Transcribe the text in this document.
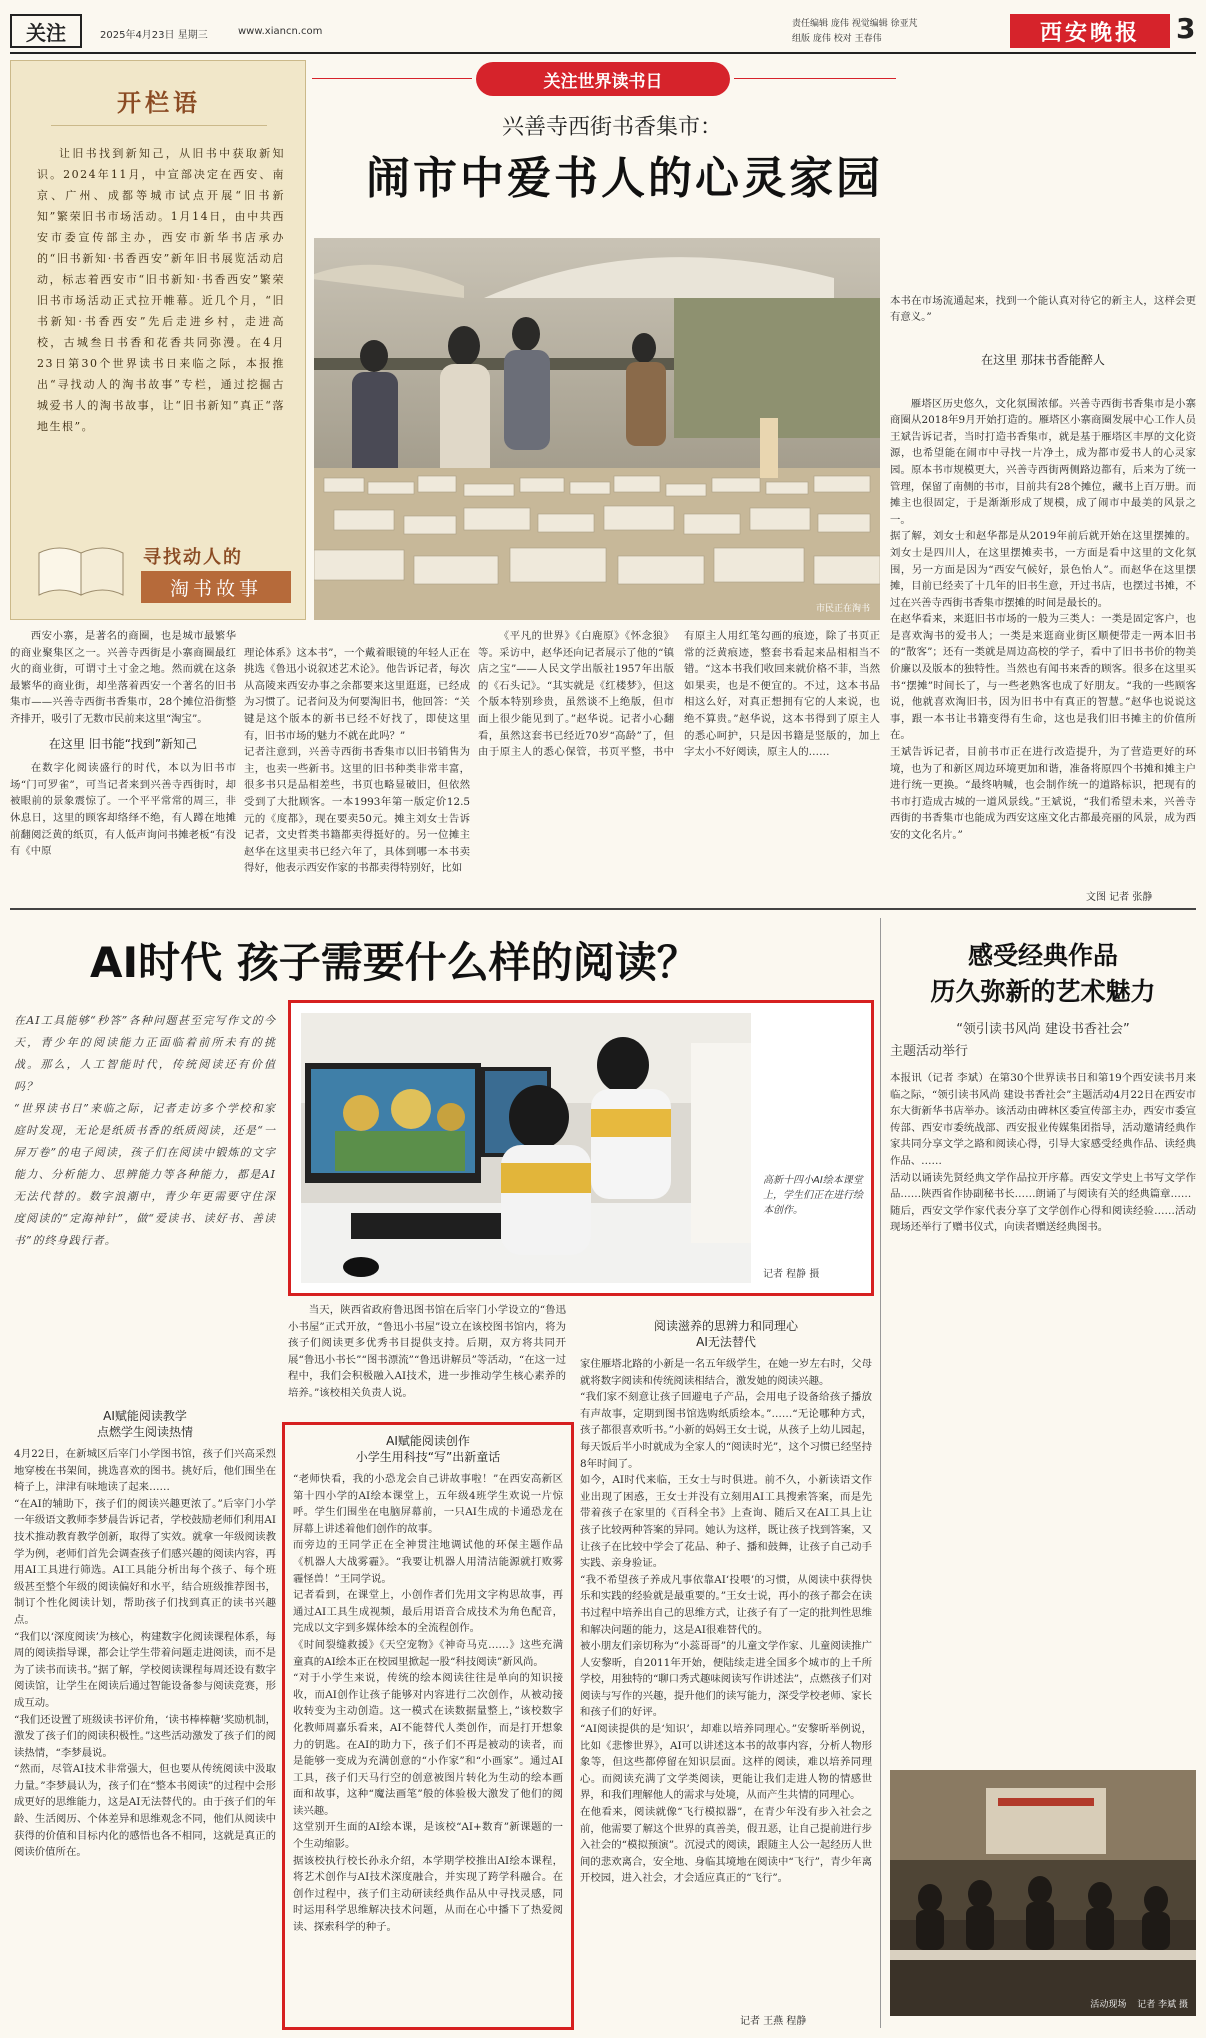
关注	2025年4月23日 星期三	www.xiancn.com
责任编辑 庞伟 视觉编辑 徐亚芃
组版 庞伟 校对 王春伟	西安晚报 3
关注世界读书日
开栏语
让旧书找到新知己，从旧书中获取新知识。2024年11月，中宣部决定在西安、南京、广州、成都等城市试点开展“旧书新知”繁荣旧书市场活动。1月14日，由中共西安市委宣传部主办，西安市新华书店承办的“旧书新知·书香西安”新年旧书展览活动启动，标志着西安市“旧书新知·书香西安”繁荣旧书市场活动正式拉开帷幕。近几个月，“旧书新知·书香西安”先后走进乡村，走进高校，古城叁日书香和花香共同弥漫。在4月23日第30个世界读书日来临之际，本报推出“寻找动人的淘书故事”专栏，通过挖掘古城爱书人的淘书故事，让“旧书新知”真正“落地生根”。
寻找动人的
淘书故事
兴善寺西街书香集市：
闹市中爱书人的心灵家园
市民正在淘书

西安小寨，是著名的商圈，也是城市最繁华的商业聚集区之一。兴善寺西街是小寨商圈最红火的商业街，可谓寸土寸金之地。然而就在这条最繁华的商业街，却坐落着西安一个著名的旧书集市——兴善寺西街书香集市，28个摊位沿街整齐排开，吸引了无数市民前来这里“淘宝”。

在这里 旧书能“找到”新知己

在数字化阅读盛行的时代，本以为旧书市场“门可罗雀”，可当记者来到兴善寺西街时，却被眼前的景象震惊了。一个平平常常的周三，非休息日，这里的顾客却络绎不绝，有人蹲在地摊前翻阅泛黄的纸页，有人低声询问书摊老板“有没有《中原

理论体系》这本书”，一个戴着眼镜的年轻人正在挑选《鲁迅小说叙述艺术论》。他告诉记者，每次从高陵来西安办事之余都要来这里逛逛，已经成为习惯了。记者问及为何要淘旧书，他回答：“关键是这个版本的新书已经不好找了，即使这里有，旧书市场的魅力不就在此吗？”
记者注意到，兴善寺西街书香集市以旧书销售为主，也卖一些新书。这里的旧书种类非常丰富，很多书只是品相差些，书页也略显破旧，但依然受到了大批顾客。一本1993年第一版定价12.5元的《度都》，现在要卖50元。摊主刘女士告诉记者，文史哲类书籍都卖得挺好的。另一位摊主赵华在这里卖书已经六年了，具体到哪一本书卖得好，他表示西安作家的书都卖得特别好，比如

《平凡的世界》《白鹿原》《怀念狼》等。采访中，赵华还向记者展示了他的“镇店之宝”——人民文学出版社1957年出版的《石头记》。“其实就是《红楼梦》，但这个版本特别珍贵，虽然谈不上绝版，但市面上很少能见到了。”赵华说。记者小心翻看，虽然这套书已经近70岁“高龄”了，但由于原主人的悉心保管，书页平整，书中有原主人用红笔勾画的痕迹，除了书页正常的泛黄痕迹，整套书看起来品相相当不错。“这本书我们收回来就价格不菲，当然如果卖，也是不便宜的。不过，这本书品相这么好，对真正想拥有它的人来说，也绝不算贵。”赵华说，这本书得到了原主人的悉心呵护，只是因书籍是竖版的，加上字太小不好阅读，原主人的……

本书在市场流通起来，找到一个能认真对待它的新主人，这样会更有意义。”

在这里 那抹书香能醉人

雁塔区历史悠久，文化氛围浓郁。兴善寺西街书香集市是小寨商圈从2018年9月开始打造的。雁塔区小寨商圈发展中心工作人员王斌告诉记者，当时打造书香集市，就是基于雁塔区丰厚的文化资源，也希望能在闹市中寻找一片净土，成为都市爱书人的心灵家园。原本书市规模更大，兴善寺西街两侧路边都有，后来为了统一管理，保留了南侧的书市，目前共有28个摊位，藏书上百万册。而摊主也很固定，于是渐渐形成了规模，成了闹市中最美的风景之一。
据了解，刘女士和赵华都是从2019年前后就开始在这里摆摊的。刘女士是四川人，在这里摆摊卖书，一方面是看中这里的文化氛围，另一方面是因为“西安气候好，景色怡人”。而赵华在这里摆摊，目前已经卖了十几年的旧书生意，开过书店，也摆过书摊，不过在兴善寺西街书香集市摆摊的时间是最长的。
在赵华看来，来逛旧书市场的一般为三类人：一类是固定客户，也是喜欢淘书的爱书人；一类是来逛商业街区顺便带走一两本旧书的“散客”；还有一类就是周边高校的学子，看中了旧书书价的物美价廉以及版本的独特性。当然也有闻书来香的顾客。很多在这里买书“摆摊”时间长了，与一些老熟客也成了好朋友。“我的一些顾客说，他就喜欢淘旧书，因为旧书中有真正的智慧。”赵华也说说这事，跟一本书让书籍变得有生命，这也是我们旧书摊主的价值所在。
王斌告诉记者，目前书市正在进行改造提升，为了营造更好的环境，也为了和新区周边环境更加和谐，准备将原四个书摊和摊主户进行统一更换。“最终呐喊，也会制作统一的道路标识，把现有的书市打造成古城的一道风景线。”王斌说，“我们希望未来，兴善寺西街的书香集市也能成为西安这座文化古都最亮丽的风景，成为西安的文化名片。”

文图 记者 张静
AI时代 孩子需要什么样的阅读？
在AI工具能够“秒答”各种问题甚至完写作文的今天，青少年的阅读能力正面临着前所未有的挑战。那么，人工智能时代，传统阅读还有价值吗？
“世界读书日”来临之际，记者走访多个学校和家庭时发现，无论是纸质书香的纸质阅读，还是“一屏万卷”的电子阅读，孩子们在阅读中锻炼的文字能力、分析能力、思辨能力等各种能力，都是AI无法代替的。数字浪潮中，青少年更需要守住深度阅读的“定海神针”，做“爱读书、读好书、善读书”的终身践行者。
高新十四小AI绘本课堂上，学生们正在进行绘本创作。
记者 程静 摄
AI赋能阅读教学
点燃学生阅读热情
4月22日，在新城区后宰门小学图书馆，孩子们兴高采烈地穿梭在书架间，挑选喜欢的图书。挑好后，他们围坐在椅子上，津津有味地读了起来……
“在AI的辅助下，孩子们的阅读兴趣更浓了。”后宰门小学一年级语文教师李梦晨告诉记者，学校鼓励老师们利用AI技术推动教育教学创新，取得了实效。就拿一年级阅读教学为例，老师们首先会调查孩子们感兴趣的阅读内容，再用AI工具进行筛选。AI工具能分析出每个孩子、每个班级甚至整个年级的阅读偏好和水平，结合班级推荐图书，制订个性化阅读计划，帮助孩子们找到真正的读书兴趣点。
“我们以‘深度阅读’为核心，构建数字化阅读课程体系，每周的阅读指导课，都会让学生带着问题走进阅读，而不是为了读书而读书。”据了解，学校阅读课程每周还设有数字阅读馆，让学生在阅读后通过智能设备参与阅读竞赛，形成互动。
“我们还设置了班级读书评价角，‘读书棒棒糖’奖励机制，激发了孩子们的阅读积极性。”这些活动激发了孩子们的阅读热情，“李梦晨说。
“然而，尽管AI技术非常强大，但也要从传统阅读中汲取力量。”李梦晨认为，孩子们在“整本书阅读”的过程中会形成更好的思维能力，这是AI无法替代的。由于孩子们的年龄、生活阅历、个体差异和思维观念不同，他们从阅读中获得的价值和目标内化的感悟也各不相同，这就是真正的阅读价值所在。
当天，陕西省政府鲁迅图书馆在后宰门小学设立的“鲁迅小书屋”正式开放，“鲁迅小书屋”设立在该校图书馆内，将为孩子们阅读更多优秀书目提供支持。后期，双方将共同开展“鲁迅小书长”“图书漂流”“鲁迅讲解员”等活动，“在这一过程中，我们会积极融入AI技术，进一步推动学生核心素养的培养。”该校相关负责人说。
AI赋能阅读创作
小学生用科技“写”出新童话
“老师快看，我的小恐龙会自己讲故事啦！”在西安高新区第十四小学的AI绘本课堂上，五年级4班学生欢说一片惊呼。学生们围坐在电脑屏幕前，一只AI生成的卡通恐龙在屏幕上讲述着他们创作的故事。
而旁边的王同学正在全神贯注地调试他的环保主题作品《机器人大战雾霾》。“我要让机器人用清洁能源就打败雾霾怪兽！”王同学说。
记者看到，在课堂上，小创作者们先用文字构思故事，再通过AI工具生成视频，最后用语音合成技术为角色配音，完成以文字到多媒体绘本的全流程创作。
《时间裂缝救援》《天空宠物》《神奇马克……》这些充满童真的AI绘本正在校园里掀起一股“科技阅读”新风尚。
“对于小学生来说，传统的绘本阅读往往是单向的知识接收，而AI创作让孩子能够对内容进行二次创作，从被动接收转变为主动创造。这一模式在读数据量整上，”该校数字化教师周嘉乐看来，AI不能替代人类创作，而是打开想象力的钥匙。在AI的助力下，孩子们不再是被动的读者，而是能够一变成为充满创意的“小作家”和“小画家”。通过AI工具，孩子们天马行空的创意被图片转化为生动的绘本画面和故事，这种“魔法画笔”般的体验极大激发了他们的阅读兴趣。
这堂别开生面的AI绘本课，是该校“AI+数育”新课题的一个生动缩影。
据该校执行校长孙永介绍，本学期学校推出AI绘本课程，将艺术创作与AI技术深度融合，并实现了跨学科融合。在创作过程中，孩子们主动研读经典作品从中寻找灵感，同时运用科学思维解决技术问题，从而在心中播下了热爱阅读、探索科学的种子。
阅读滋养的思辨力和同理心
AI无法替代
家住雁塔北路的小新是一名五年级学生，在她一岁左右时，父母就将数字阅读和传统阅读相结合，激发她的阅读兴趣。
“我们家不刻意让孩子回避电子产品，会用电子设备给孩子播放有声故事，定期到图书馆选购纸质绘本。”……“无论哪种方式，孩子都很喜欢听书。”小新的妈妈王女士说，从孩子上幼儿园起，每天饭后半小时就成为全家人的“阅读时光”，这个习惯已经坚持8年时间了。
如今，AI时代来临，王女士与时俱进。前不久，小新读语文作业出现了困惑，王女士并没有立刻用AI工具搜索答案，而是先带着孩子在家里的《百科全书》上查询、随后又在AI工具上让孩子比较两种答案的异同。她认为这样，既让孩子找到答案，又让孩子在比较中学会了花品、种子、播和鼓舞，让孩子自己动手实践、亲身验证。
“我不希望孩子养成凡事依靠AI‘投喂’的习惯，从阅读中获得快乐和实践的经验就是最重要的。”王女士说，再小的孩子都会在读书过程中培养出自己的思维方式，让孩子有了一定的批判性思维和解决问题的能力，这是AI很难替代的。
被小朋友们亲切称为“小蕊哥哥”的儿童文学作家、儿童阅读推广人安黎昕，自2011年开始，便陆续走进全国多个城市的上千所学校，用独特的“聊口秀式趣味阅读写作讲述法”，点燃孩子们对阅读与写作的兴趣，提升他们的读写能力，深受学校老师、家长和孩子们的好评。
“AI阅读提供的是‘知识’，却难以培养同理心。”安黎昕举例说，比如《悲惨世界》，AI可以讲述这本书的故事内容，分析人物形象等，但这些都停留在知识层面。这样的阅读，难以培养同理心。而阅读充满了文学类阅读，更能让我们走进人物的情感世界，和我们理解他人的需求与处境，从而产生共情的同理心。
在他看来，阅读就像“飞行模拟器”，在青少年没有步入社会之前，他需要了解这个世界的真善美，假丑恶，让自己提前进行步入社会的“模拟预演”。沉浸式的阅读，跟随主人公一起经历人世间的悲欢离合，安全地、身临其境地在阅读中“飞行”，青少年离开校园，进入社会，才会适应真正的“飞行”。
记者 王燕 程静
感受经典作品
历久弥新的艺术魅力
“领引读书风尚 建设书香社会”
主题活动举行
本报讯（记者 李斌）在第30个世界读书日和第19个西安读书月来临之际，“领引读书风尚 建设书香社会”主题活动4月22日在西安市东大街新华书店举办。该活动由碑林区委宣传部主办，西安市委宣传部、西安市委统战部、西安报业传媒集团指导，活动邀请经典作家共同分享文学之路和阅读心得，引导大家感受经典作品、读经典作品、……
活动以诵读先贤经典文学作品拉开序幕。西安文学史上书写文学作品……陕西省作协副秘书长……朗诵了与阅读有关的经典篇章……
随后，西安文学作家代表分享了文学创作心得和阅读经验……活动现场还举行了赠书仪式，向读者赠送经典图书。
活动现场 记者 李斌 摄
